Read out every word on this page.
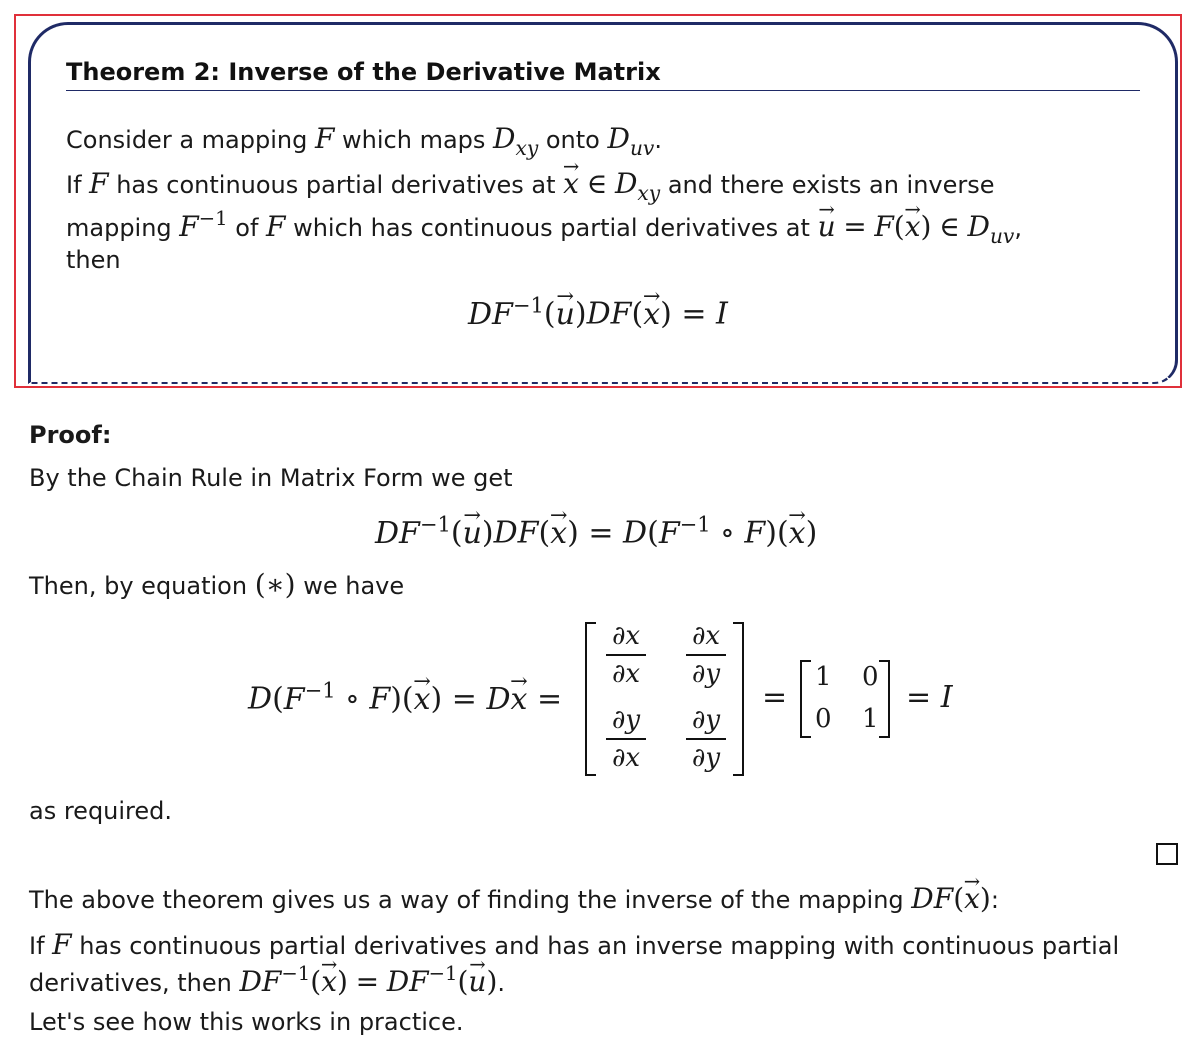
Theorem 2: Inverse of the Derivative Matrix
Consider a mapping F which maps $D_{xy}$ onto $D_{uv}$.
If F has continuous partial derivatives at x → ∈ $D_{xy}$ and there exists an inverse
mapping $F^{-1}$ of F which has continuous partial derivatives at u → = F(x →) ∈ $D_{uv}$,
then
$DF^{-1}(u \to)DF(x$ →) = I
Proof:
By the Chain Rule in Matrix Form we get
$DF^{-1}(u \to)DF(x$ →) = $D(F^{-1}$ ∘ F)(x →)
Then, by equation (∗) we have
$D(F^{-1}$ ∘ F)(x →) = Dx → =
∂x
∂x
∂x
∂y
∂y
∂x
∂y
∂y
=
1 0
0 1
= I
as required.
The above theorem gives us a way of finding the inverse of the mapping DF(x →):
If F has continuous partial derivatives and has an inverse mapping with continuous partial
derivatives, then $DF^{-1}(x$ →) = $DF^{-1}(u$ →).
Let's see how this works in practice.
